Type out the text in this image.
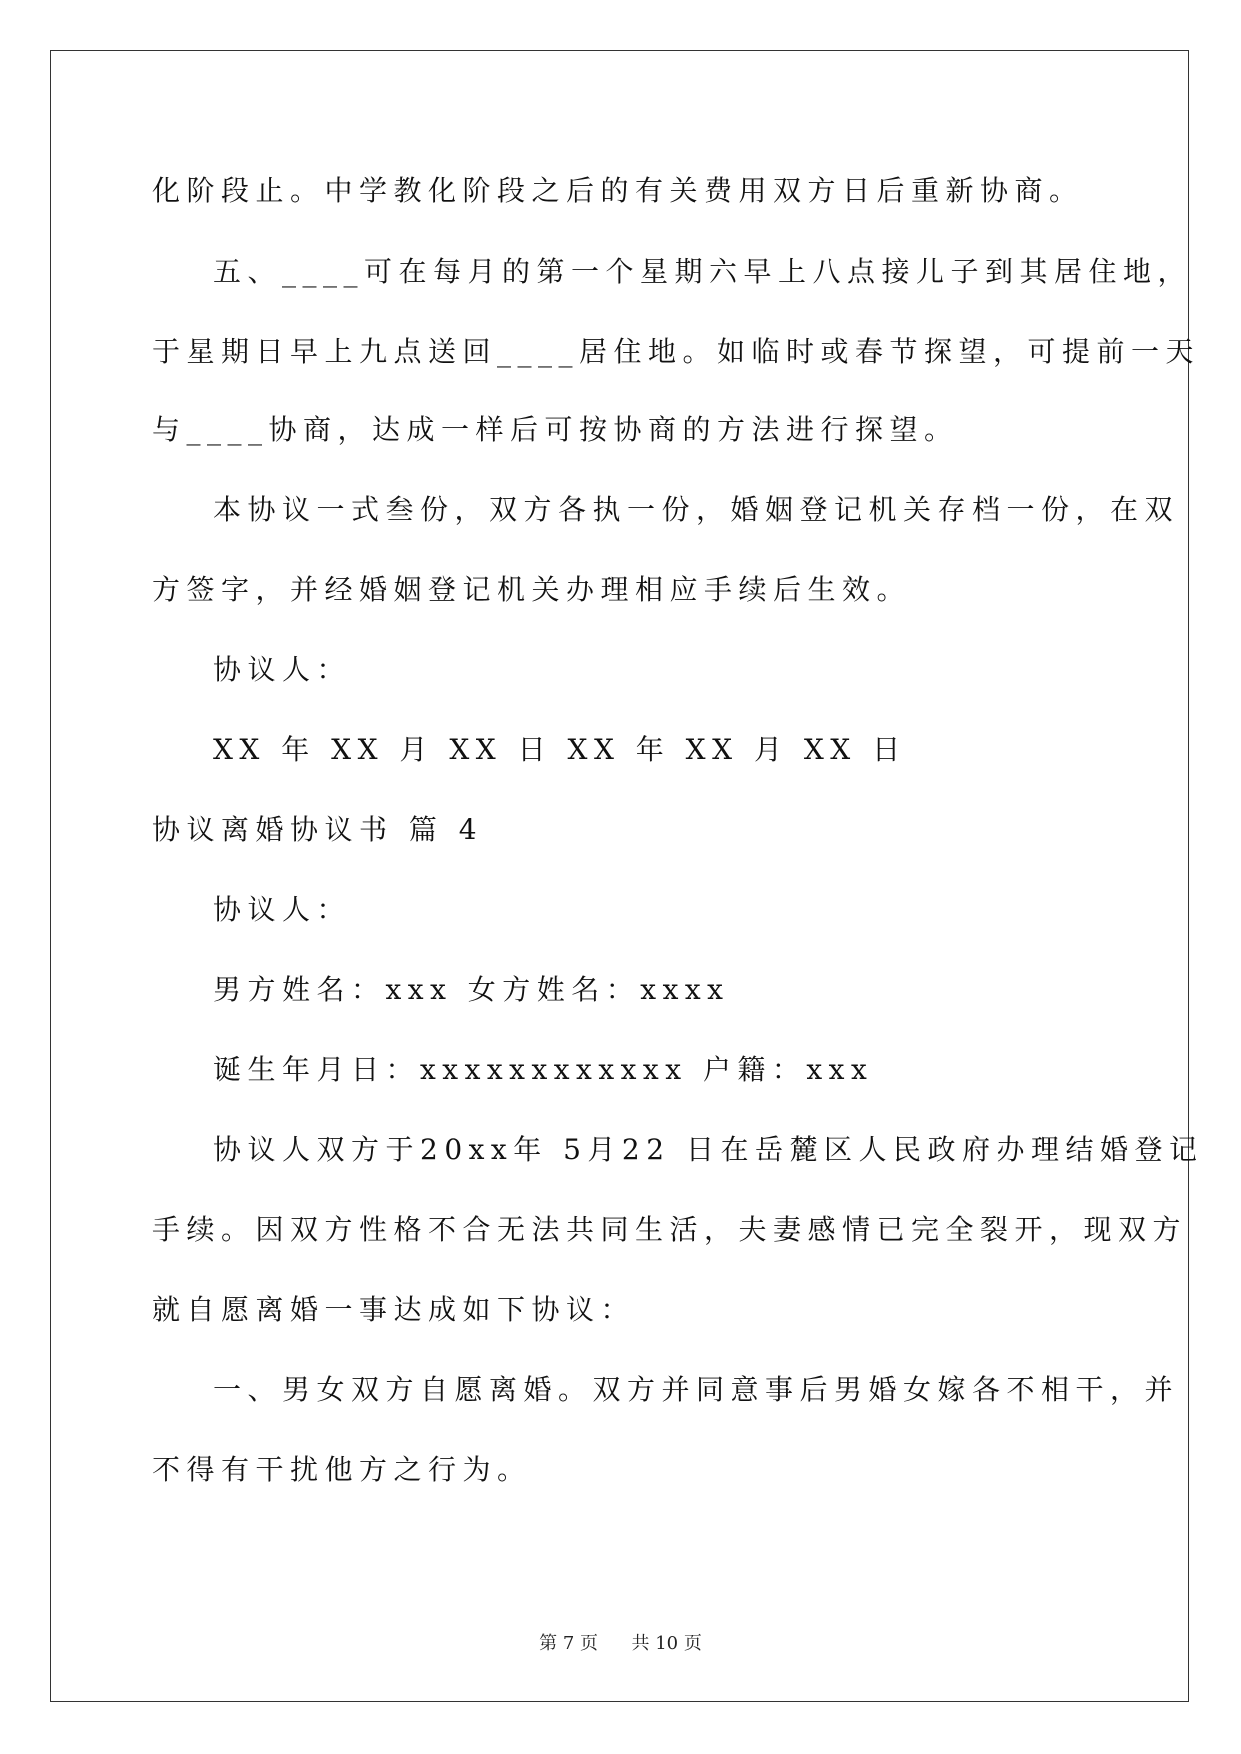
化阶段止。中学教化阶段之后的有关费用双方日后重新协商。
五、____可在每月的第一个星期六早上八点接儿子到其居住地，
于星期日早上九点送回____居住地。如临时或春节探望，可提前一天
与____协商，达成一样后可按协商的方法进行探望。
本协议一式叁份，双方各执一份，婚姻登记机关存档一份，在双
方签字，并经婚姻登记机关办理相应手续后生效。
协议人：
XX 年 XX 月 XX 日 XX 年 XX 月 XX 日
协议离婚协议书 篇 4
协议人：
男方姓名：xxx 女方姓名：xxxx
诞生年月日：xxxxxxxxxxxx 户籍：xxx
协议人双方于20xx年 5月22 日在岳麓区人民政府办理结婚登记
手续。因双方性格不合无法共同生活，夫妻感情已完全裂开，现双方
就自愿离婚一事达成如下协议：
一、男女双方自愿离婚。双方并同意事后男婚女嫁各不相干，并
不得有干扰他方之行为。
第 7 页 共 10 页
